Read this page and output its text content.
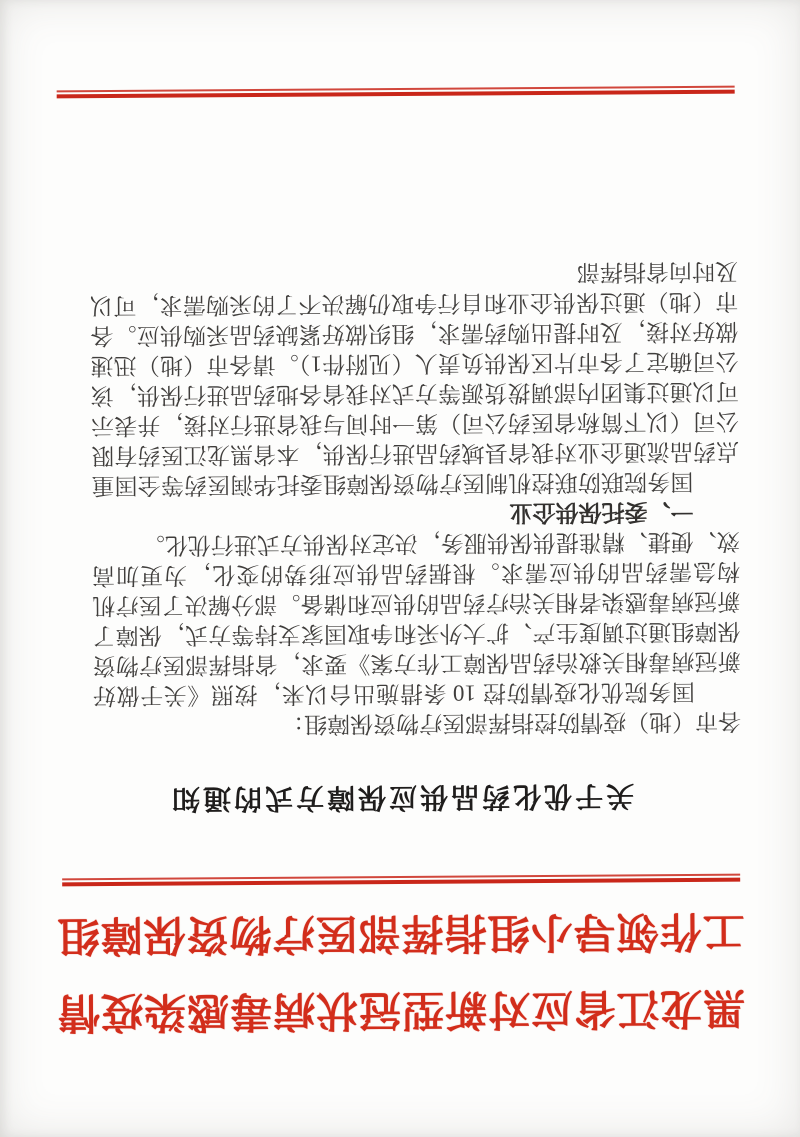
黑龙江省应对新型冠状病毒感染疫情
工作领导小组指挥部医疗物资保障组
关于优化药品供应保障方式的通知

各市（地）疫情防控指挥部医疗物资保障组：

国务院优化疫情防控 10 条措施出台以来，按照《关于做好新冠病毒相关救治药品保障工作方案》要求，省指挥部医疗物资保障组通过调度生产、扩大外采和争取国家支持等方式，保障了新冠病毒感染者相关治疗药品的供应和储备。部分解决了医疗机构急需药品的供应需求。根据药品供应形势的变化，为更加高效、便捷、精准提供保供服务，决定对保供方式进行优化。

一、委托保供企业

国务院联防联控机制医疗物资保障组委托华润医药等全国重点药品流通企业对我省县域药品进行保供，本省黑龙江医药有限公司（以下简称省医药公司）第一时间与我省进行对接，并表示可以通过集团内部调拨货源等方式对我省各地药品进行保供，该公司确定了各市片区保供负责人（见附件1）。请各市（地）迅速做好对接，及时提出购药需求，组织做好紧缺药品采购供应。各市（地）通过保供企业和自行争取仍解决不了的采购需求，可以及时向省指挥部
